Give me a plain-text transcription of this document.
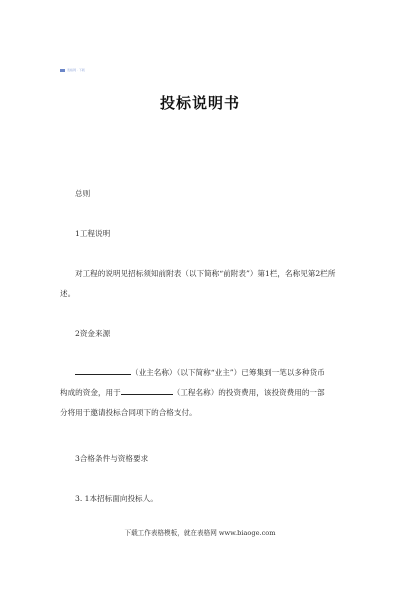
表格网 · 下载
投标说明书
总则
1工程说明
对工程的说明见招标须知前附表（以下简称“前附表”）第1栏，名称见第2栏所
述。
2资金来源
（业主名称）（以下简称“业主”）已筹集到一笔以多种货币
构成的资金，用于	（工程名称）的投资费用，该投资费用的一部
分将用于邀请投标合同项下的合格支付。
3合格条件与资格要求
3. 1本招标面向投标人。
下载工作表格模板，就在表格网 www.biaoge.com
